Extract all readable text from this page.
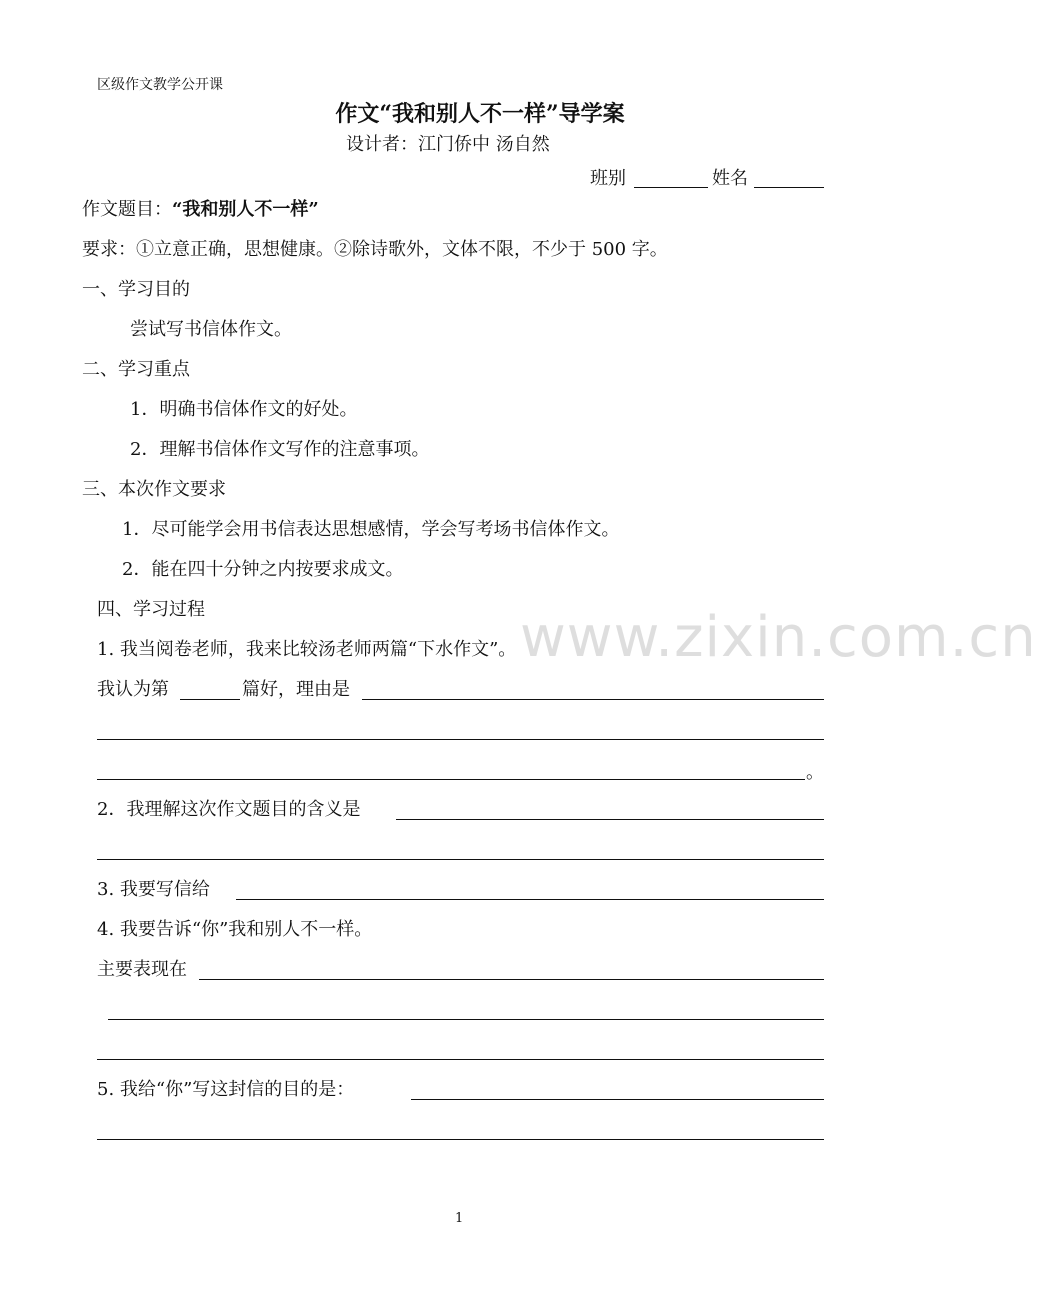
区级作文教学公开课
作文“我和别人不一样”导学案
设计者：江门侨中 汤自然
班别	姓名
作文题目： “我和别人不一样”
要求：①立意正确，思想健康。②除诗歌外，文体不限，不少于 500 字。
一、学习目的
尝试写书信体作文。
二、学习重点
1．明确书信体作文的好处。
2．理解书信体作文写作的注意事项。
三、本次作文要求
1．尽可能学会用书信表达思想感情，学会写考场书信体作文。
2．能在四十分钟之内按要求成文。
四、学习过程	www.zixin.com.cn
1. 我当阅卷老师，我来比较汤老师两篇“下水作文”。
我认为第	篇好，理由是
。
2．我理解这次作文题目的含义是
3. 我要写信给
4. 我要告诉“你”我和别人不一样。
主要表现在
5. 我给“你”写这封信的目的是：
1
